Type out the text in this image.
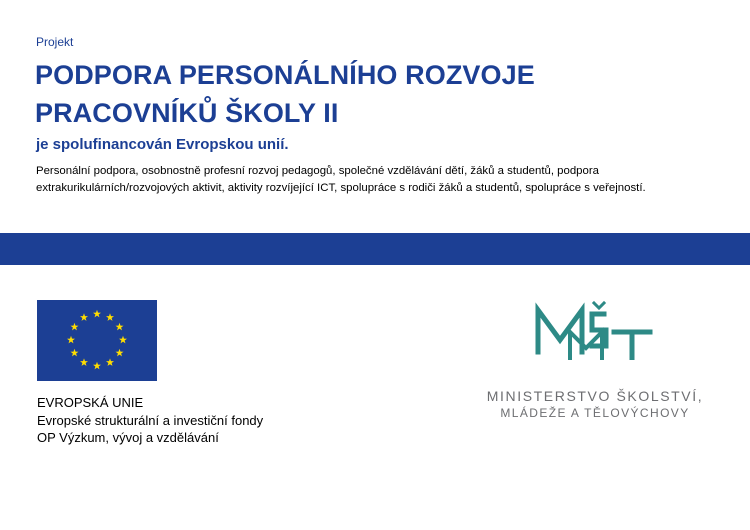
Projekt
PODPORA PERSONÁLNÍHO ROZVOJE
PRACOVNÍKŮ ŠKOLY II
je spolufinancován Evropskou unií.
Personální podpora, osobnostně profesní rozvoj pedagogů, společné vzdělávání dětí, žáků a studentů, podpora extrakurikulárních/rozvojových aktivit, aktivity rozvíjející ICT, spolupráce s rodiči žáků a studentů, spolupráce s veřejností.
EVROPSKÁ UNIE
Evropské strukturální a investiční fondy
OP Výzkum, vývoj a vzdělávání
MINISTERSTVO ŠKOLSTVÍ,
MLÁDEŽE A TĚLOVÝCHOVY
